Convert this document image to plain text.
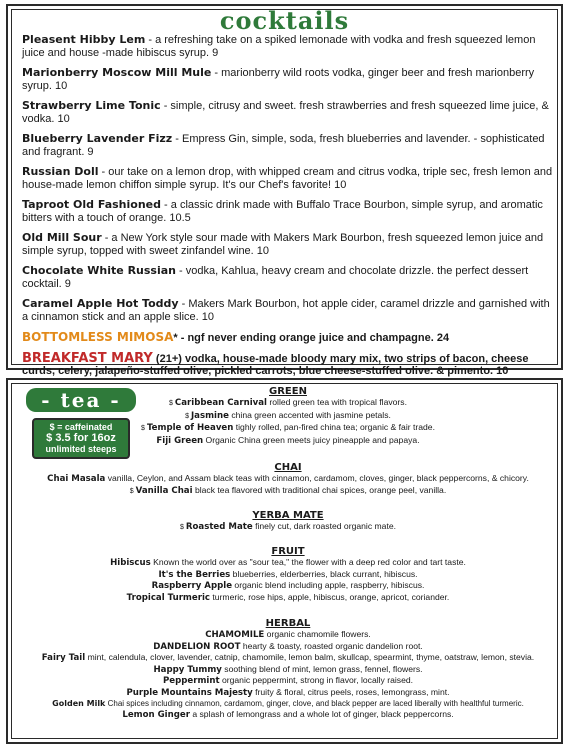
cocktails
Pleasent Hibby Lem - a refreshing take on a spiked lemonade with vodka and fresh squeezed lemon juice and house -made hibiscus syrup. 9
Marionberry Moscow Mill Mule - marionberry wild roots vodka, ginger beer and fresh marionberry syrup. 10
Strawberry Lime Tonic - simple, citrusy and sweet. fresh strawberries and fresh squeezed lime juice, & vodka. 10
Blueberry Lavender Fizz - Empress Gin, simple, soda, fresh blueberries and lavender. - sophisticated and fragrant. 9
Russian Doll - our take on a lemon drop, with whipped cream and citrus vodka, triple sec, fresh lemon and house-made lemon chiffon simple syrup. It's our Chef's favorite! 10
Taproot Old Fashioned - a classic drink made with Buffalo Trace Bourbon, simple syrup, and aromatic bitters with a touch of orange. 10.5
Old Mill Sour - a New York style sour made with Makers Mark Bourbon, fresh squeezed lemon juice and simple syrup, topped with sweet zinfandel wine. 10
Chocolate White Russian - vodka, Kahlua, heavy cream and chocolate drizzle. the perfect dessert cocktail. 9
Caramel Apple Hot Toddy - Makers Mark Bourbon, hot apple cider, caramel drizzle and garnished with a cinnamon stick and an apple slice. 10
BOTTOMLESS MIMOSA* - ngf never ending orange juice and champagne. 24
BREAKFAST MARY (21+) vodka, house-made bloody mary mix, two strips of bacon, cheese curds, celery, jalapeño-stuffed olive, pickled carrots, blue cheese-stuffed olive. & pimento. 10
- tea -
$ = caffeinated
$ 3.5 for 16oz
unlimited steeps
GREEN
$ Caribbean Carnival rolled green tea with tropical flavors.
$ Jasmine china green accented with jasmine petals.
$ Temple of Heaven tighly rolled, pan-fired china tea; organic & fair trade.
Fiji Green Organic China green meets juicy pineapple and papaya.
CHAI
Chai Masala vanilla, Ceylon, and Assam black teas with cinnamon, cardamom, cloves, ginger, black peppercorns, & chicory.
$ Vanilla Chai black tea flavored with traditional chai spices, orange peel, vanilla.
YERBA MATE
$ Roasted Mate finely cut, dark roasted organic mate.
FRUIT
Hibiscus Known the world over as "sour tea," the flower with a deep red color and tart taste.
It's the Berries blueberries, elderberries, black currant, hibiscus.
Raspberry Apple organic blend including apple, raspberry, hibiscus.
Tropical Turmeric turmeric, rose hips, apple, hibiscus, orange, apricot, coriander.
HERBAL
CHAMOMILE organic chamomile flowers.
DANDELION ROOT hearty & toasty, roasted organic dandelion root.
Fairy Tail mint, calendula, clover, lavender, catnip, chamomile, lemon balm, skullcap, spearmint, thyme, oatstraw, lemon, stevia.
Happy Tummy soothing blend of mint, lemon grass, fennel, flowers.
Peppermint organic peppermint, strong in flavor, locally raised.
Purple Mountains Majesty fruity & floral, citrus peels, roses, lemongrass, mint.
Golden Milk Chai spices including cinnamon, cardamom, ginger, clove, and black pepper are laced liberally with healthful turmeric.
Lemon Ginger a splash of lemongrass and a whole lot of ginger, black peppercorns.
